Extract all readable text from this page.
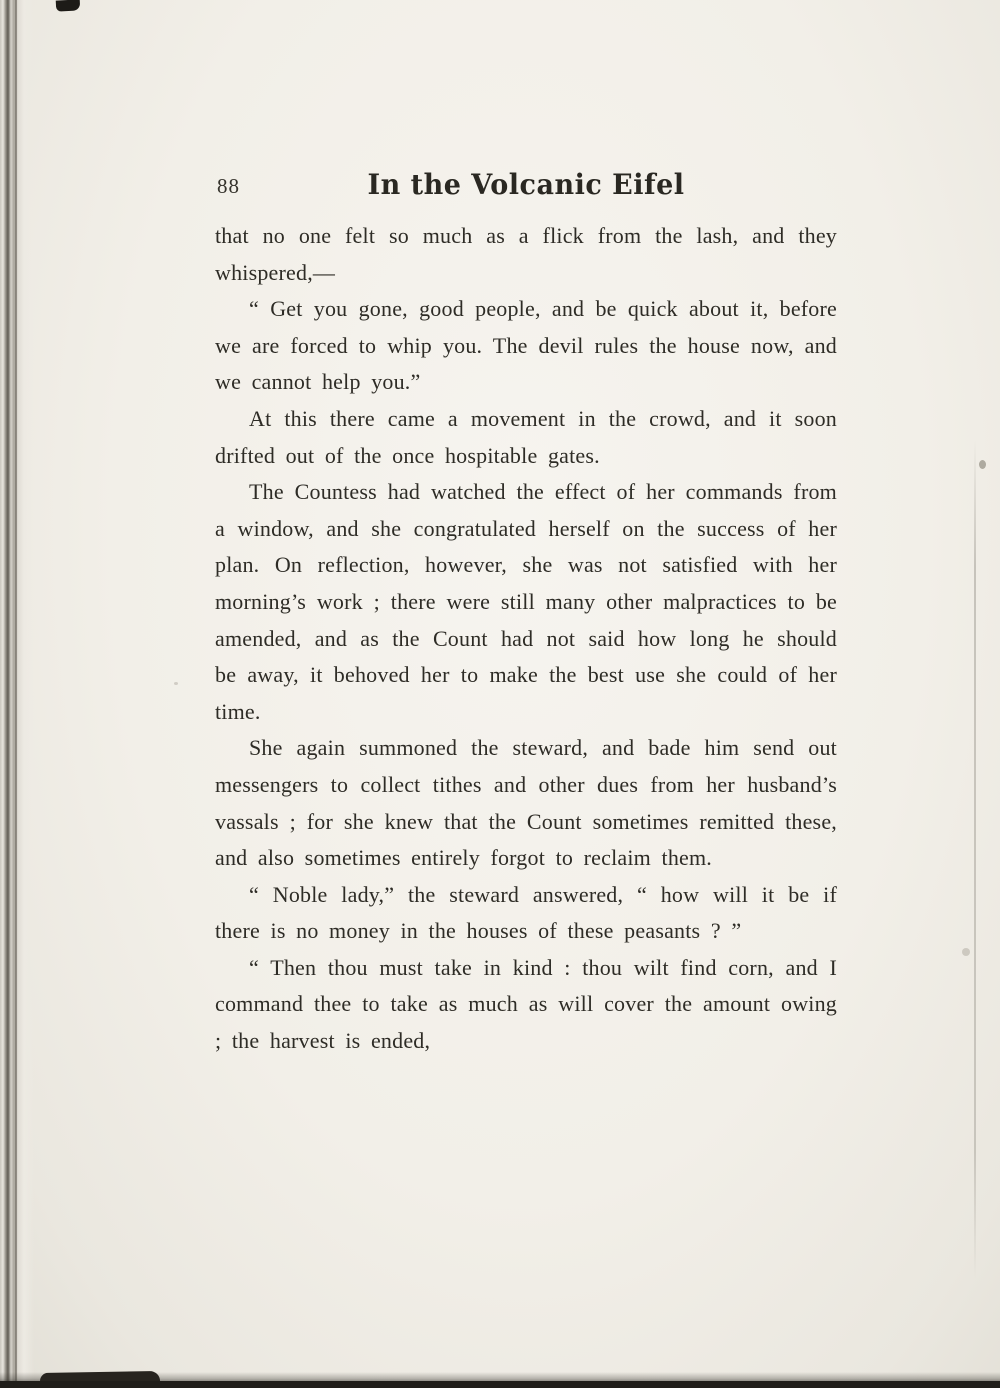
88	In the Volcanic Eifel

that no one felt so much as a flick from the lash, and they whispered,—

“ Get you gone, good people, and be quick about it, before we are forced to whip you. The devil rules the house now, and we cannot help you.”

At this there came a movement in the crowd, and it soon drifted out of the once hospitable gates.

The Countess had watched the effect of her commands from a window, and she congratulated herself on the success of her plan. On reflection, however, she was not satisfied with her morning’s work ; there were still many other malpractices to be amended, and as the Count had not said how long he should be away, it behoved her to make the best use she could of her time.

She again summoned the steward, and bade him send out messengers to collect tithes and other dues from her husband’s vassals ; for she knew that the Count sometimes remitted these, and also sometimes entirely forgot to reclaim them.

“ Noble lady,” the steward answered, “ how will it be if there is no money in the houses of these peasants ? ”

“ Then thou must take in kind : thou wilt find corn, and I command thee to take as much as will cover the amount owing ; the harvest is ended,
